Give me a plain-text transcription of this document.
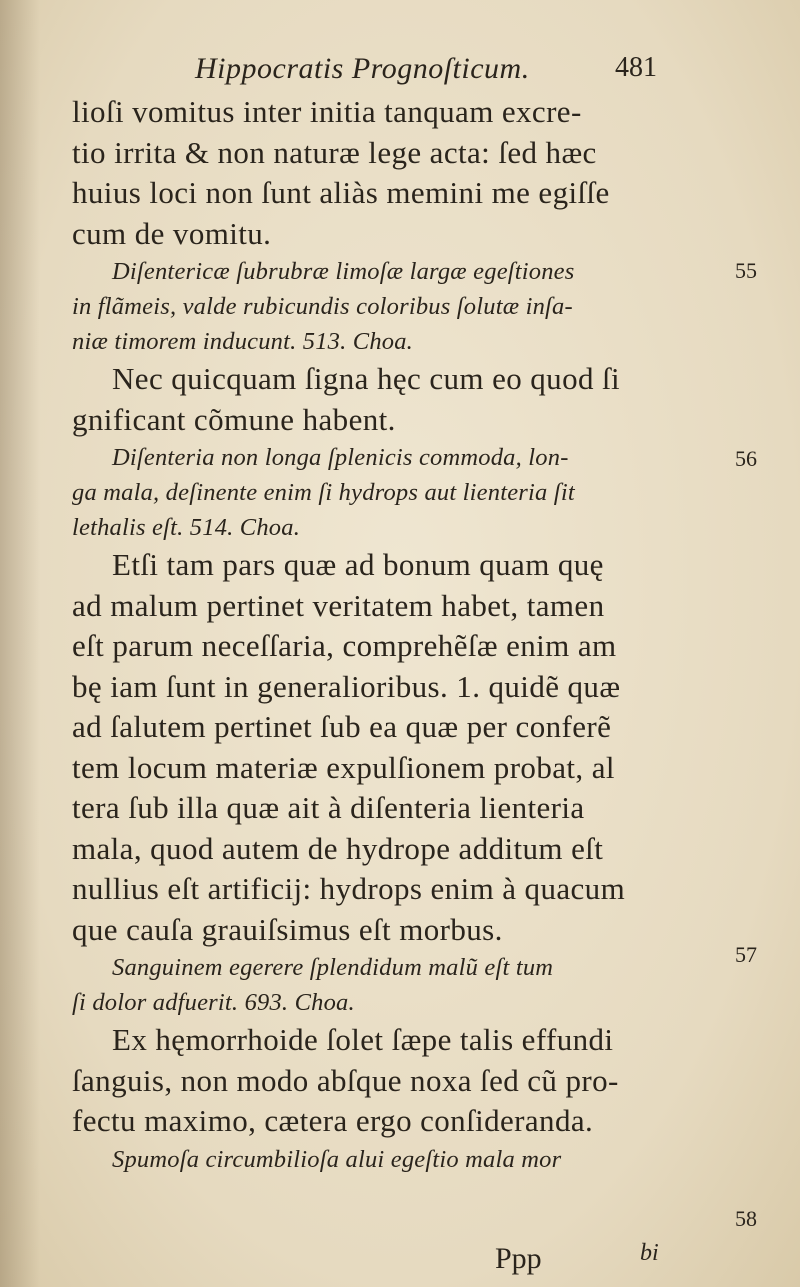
Hippocratis Prognoſticum.	481
lioſi vomitus inter initia tanquam excre-
tio irrita & non naturæ lege acta: ſed hæc
huius loci non ſunt aliàs memini me egiſſe
cum de vomitu.
Diſentericæ ſubrubræ limoſæ largæ egeſtiones
in flãmeis, valde rubicundis coloribus ſolutæ inſa-
niæ timorem inducunt. 513. Choa.
Nec quicquam ſigna hęc cum eo quod ſi
gnificant cõmune habent.
Diſenteria non longa ſplenicis commoda, lon-
ga mala, deſinente enim ſi hydrops aut lienteria ſit
lethalis eſt. 514. Choa.
Etſi tam pars quæ ad bonum quam quę
ad malum pertinet veritatem habet, tamen
eſt parum neceſſaria, comprehẽſæ enim am
bę iam ſunt in generalioribus. 1. quidẽ quæ
ad ſalutem pertinet ſub ea quæ per conferẽ
tem locum materiæ expulſionem probat, al
tera ſub illa quæ ait à diſenteria lienteria
mala, quod autem de hydrope additum eſt
nullius eſt artificij: hydrops enim à quacum
que cauſa grauiſsimus eſt morbus.
Sanguinem egerere ſplendidum malũ eſt tum
ſi dolor adfuerit. 693. Choa.
Ex hęmorrhoide ſolet ſæpe talis effundi
ſanguis, non modo abſque noxa ſed cũ pro-
fectu maximo, cætera ergo conſideranda.
Spumoſa circumbilioſa alui egeſtio mala mor
55
56
57
58
Ppp	bi
